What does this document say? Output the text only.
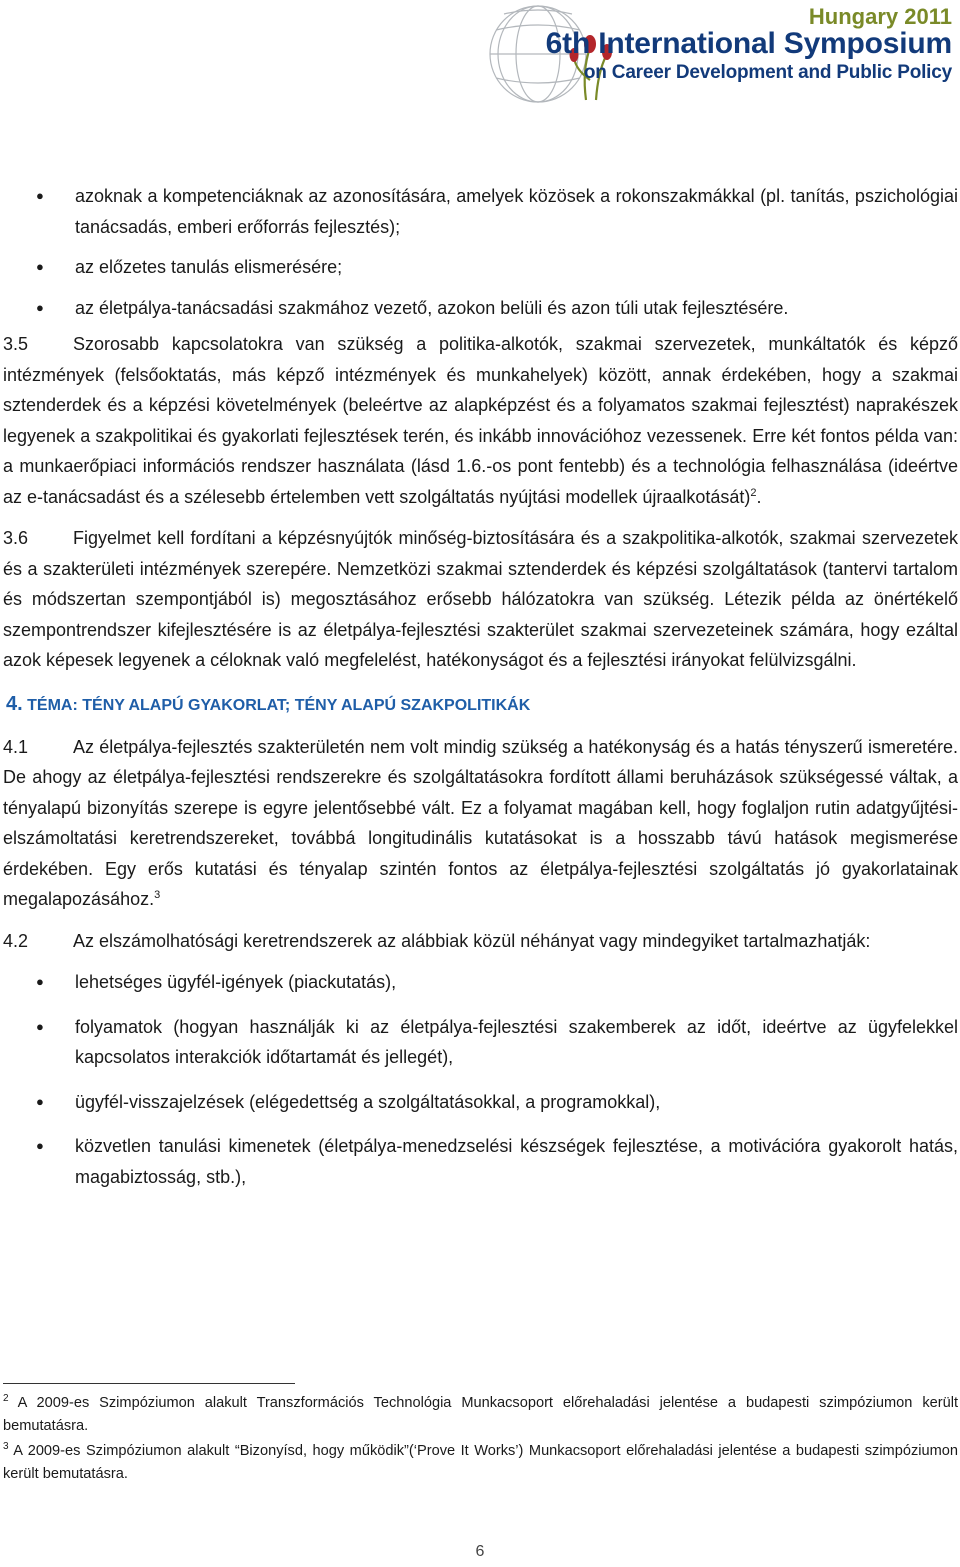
Hungary 2011
6th International Symposium
on Career Development and Public Policy
● azoknak a kompetenciáknak az azonosítására, amelyek közösek a rokonszakmákkal (pl. tanítás, pszichológiai tanácsadás, emberi erőforrás fejlesztés);
● az előzetes tanulás elismerésére;
● az életpálya-tanácsadási szakmához vezető, azokon belüli és azon túli utak fejlesztésére.

3.5 Szorosabb kapcsolatokra van szükség a politika-alkotók, szakmai szervezetek, munkáltatók és képző intézmények (felsőoktatás, más képző intézmények és munkahelyek) között, annak érdekében, hogy a szakmai sztenderdek és a képzési követelmények (beleértve az alapképzést és a folyamatos szakmai fejlesztést) naprakészek legyenek a szakpolitikai és gyakorlati fejlesztések terén, és inkább innovációhoz vezessenek. Erre két fontos példa van: a munkaerőpiaci információs rendszer használata (lásd 1.6.-os pont fentebb) és a technológia felhasználása (ideértve az e-tanácsadást és a szélesebb értelemben vett szolgáltatás nyújtási modellek újraalkotását)$^2$.

3.6 Figyelmet kell fordítani a képzésnyújtók minőség-biztosítására és a szakpolitika-alkotók, szakmai szervezetek és a szakterületi intézmények szerepére. Nemzetközi szakmai sztenderdek és képzési szolgáltatások (tantervi tartalom és módszertan szempontjából is) megosztásához erősebb hálózatokra van szükség. Létezik példa az önértékelő szempontrendszer kifejlesztésére is az életpálya-fejlesztési szakterület szakmai szervezeteinek számára, hogy ezáltal azok képesek legyenek a céloknak való megfelelést, hatékonyságot és a fejlesztési irányokat felülvizsgálni.

4. TÉMA: TÉNY ALAPÚ GYAKORLAT; TÉNY ALAPÚ SZAKPOLITIKÁK

4.1 Az életpálya-fejlesztés szakterületén nem volt mindig szükség a hatékonyság és a hatás tényszerű ismeretére. De ahogy az életpálya-fejlesztési rendszerekre és szolgáltatásokra fordított állami beruházások szükségessé váltak, a tényalapú bizonyítás szerepe is egyre jelentősebbé vált. Ez a folyamat magában kell, hogy foglaljon rutin adatgyűjtési-elszámoltatási keretrendszereket, továbbá longitudinális kutatásokat is a hosszabb távú hatások megismerése érdekében. Egy erős kutatási és tényalap szintén fontos az életpálya-fejlesztési szolgáltatás jó gyakorlatainak megalapozásához.$^3$

4.2 Az elszámolhatósági keretrendszerek az alábbiak közül néhányat vagy mindegyiket tartalmazhatják:

● lehetséges ügyfél-igények (piackutatás),
● folyamatok (hogyan használják ki az életpálya-fejlesztési szakemberek az időt, ideértve az ügyfelekkel kapcsolatos interakciók időtartamát és jellegét),
● ügyfél-visszajelzések (elégedettség a szolgáltatásokkal, a programokkal),
● közvetlen tanulási kimenetek (életpálya-menedzselési készségek fejlesztése, a motivációra gyakorolt hatás, magabiztosság, stb.),

$^2$ A 2009-es Szimpóziumon alakult Transzformációs Technológia Munkacsoport előrehaladási jelentése a budapesti szimpóziumon került bemutatásra.

$^3$ A 2009-es Szimpóziumon alakult “Bizonyísd, hogy működik”(‘Prove It Works’) Munkacsoport előrehaladási jelentése a budapesti szimpóziumon került bemutatásra.

6
